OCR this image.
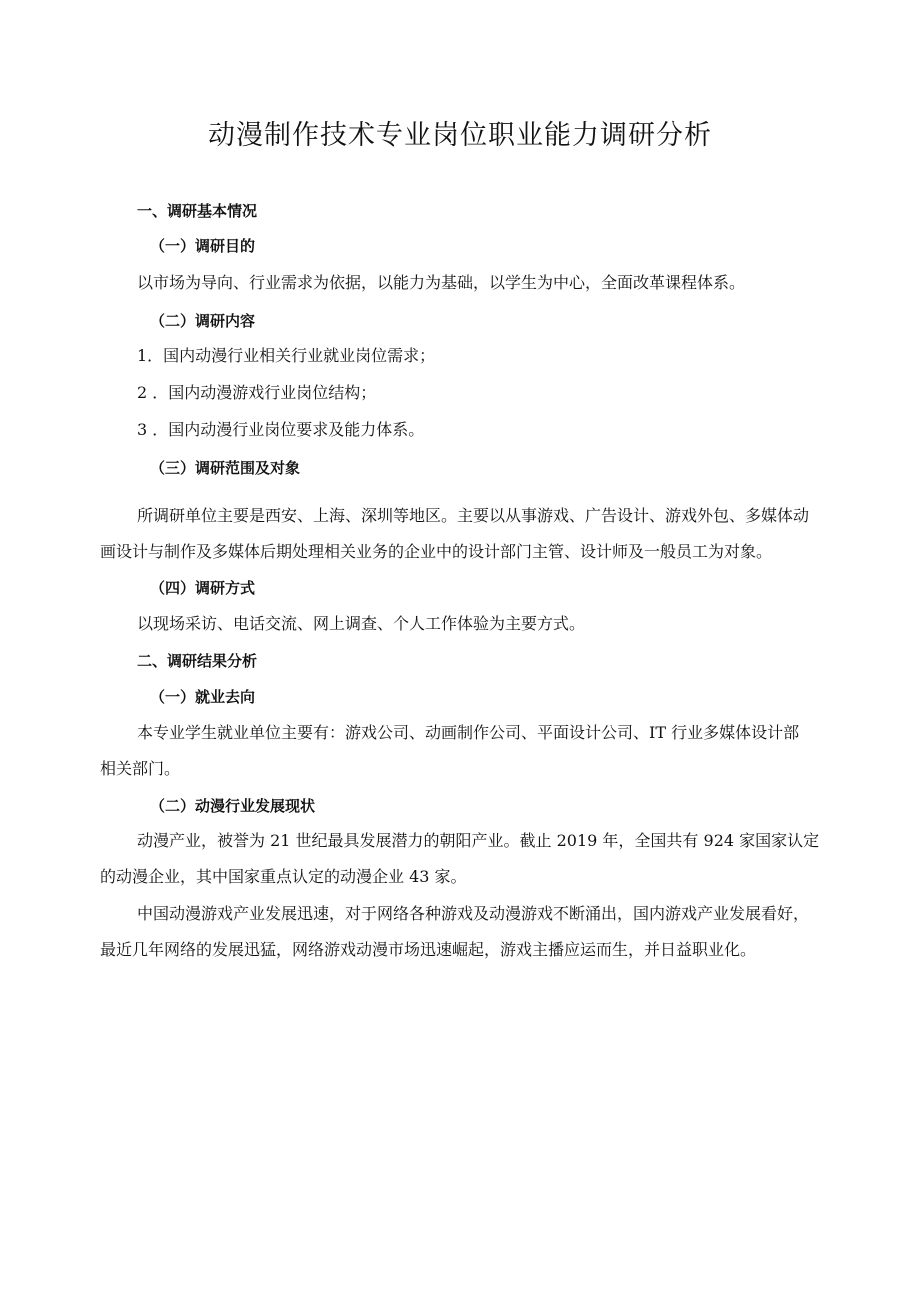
动漫制作技术专业岗位职业能力调研分析
一、调研基本情况
（一）调研目的
以市场为导向、行业需求为依据，以能力为基础，以学生为中心，全面改革课程体系。
（二）调研内容
1．国内动漫行业相关行业就业岗位需求；
2 ．国内动漫游戏行业岗位结构；
3 ．国内动漫行业岗位要求及能力体系。
（三）调研范围及对象
所调研单位主要是西安、上海、深圳等地区。主要以从事游戏、广告设计、游戏外包、多媒体动
画设计与制作及多媒体后期处理相关业务的企业中的设计部门主管、设计师及一般员工为对象。
（四）调研方式
以现场采访、电话交流、网上调查、个人工作体验为主要方式。
二、调研结果分析
（一）就业去向
本专业学生就业单位主要有：游戏公司、动画制作公司、平面设计公司、IT 行业多媒体设计部
相关部门。
（二）动漫行业发展现状
动漫产业，被誉为 21 世纪最具发展潜力的朝阳产业。截止 2019 年，全国共有 924 家国家认定
的动漫企业，其中国家重点认定的动漫企业 43 家。
中国动漫游戏产业发展迅速，对于网络各种游戏及动漫游戏不断涌出，国内游戏产业发展看好，
最近几年网络的发展迅猛，网络游戏动漫市场迅速崛起，游戏主播应运而生，并日益职业化。
